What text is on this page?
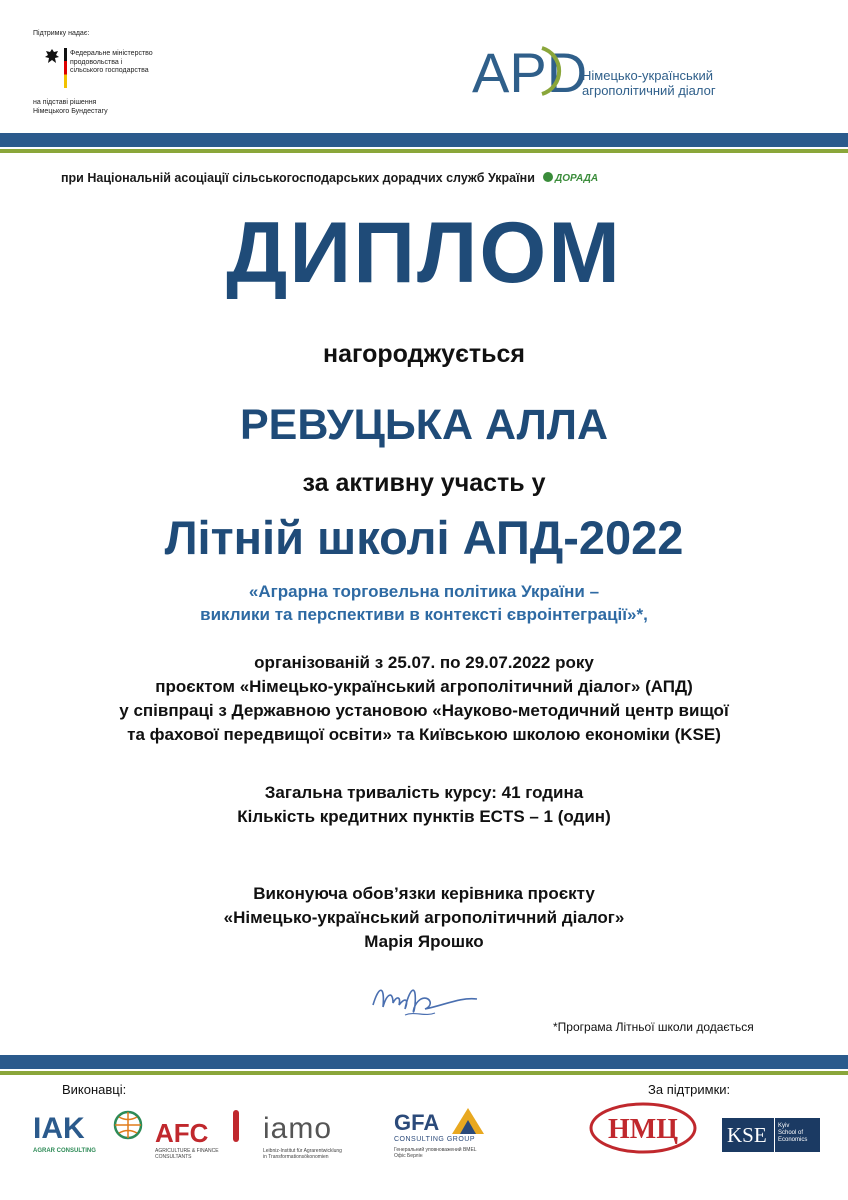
Підтримку надає:
Федеральне міністерство
продовольства і
сільського господарства
на підставі рішення
Німецького Бундестагу
APD
Німецько-український
агрополітичний діалог
при Національній асоціації сільськогосподарських дорадчих служб України ДОРАДА
ДИПЛОМ
нагороджується
РЕВУЦЬКА АЛЛА
за активну участь у
Літній школі АПД-2022
«Аграрна торговельна політика України –
виклики та перспективи в контексті євроінтеграції»*,
організованій з 25.07. по 29.07.2022 року
проєктом «Німецько-український агрополітичний діалог» (АПД)
у співпраці з Державною установою «Науково-методичний центр вищої
та фахової передвищої освіти» та Київською школою економіки (KSE)
Загальна тривалість курсу: 41 година
Кількість кредитних пунктів ECTS – 1 (один)
Виконуюча обов’язки керівника проєкту
«Німецько-український агрополітичний діалог»
Марія Ярошко
*Програма Літньої школи додається
Виконавці:	За підтримки:
IAK
AGRAR CONSULTING
AFC
AGRICULTURE & FINANCE
CONSULTANTS
iamo
Leibniz-Institut für Agrarentwicklung
in Transformationsökonomien
GFA
CONSULTING GROUP
Генеральний уповноважений BMEL
Офіс Берлін
НМЦ KSE Kyiv
School of
Economics
